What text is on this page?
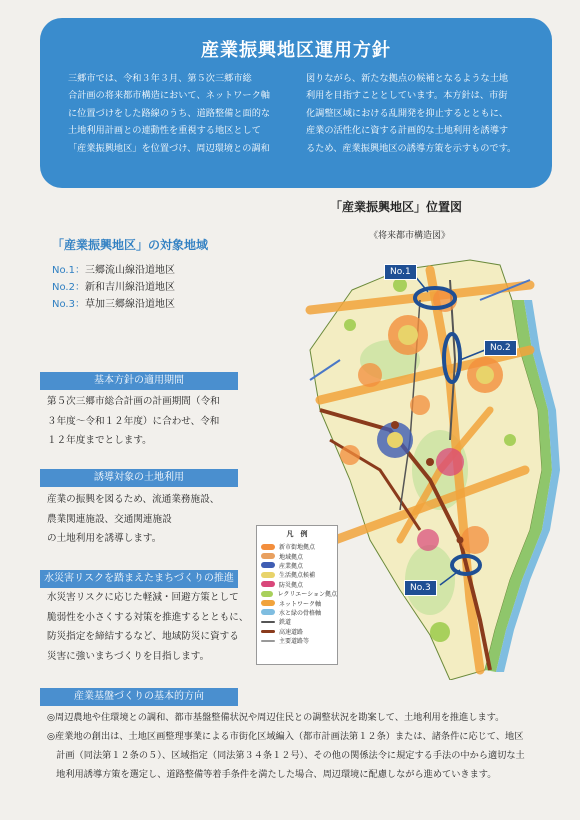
産業振興地区運用方針
三郷市では、令和３年３月、第５次三郷市総
合計画の将来都市構造において、ネットワーク軸
に位置づけをした路線のうち、道路整備と面的な
土地利用計画との連動性を重視する地区として
「産業振興地区」を位置づけ、周辺環境との調和
図りながら、新たな拠点の候補となるような土地
利用を目指すこととしています。本方針は、市街
化調整区域における乱開発を抑止するとともに、
産業の活性化に資する計画的な土地利用を誘導す
るため、産業振興地区の誘導方策を示すものです。
「産業振興地区」位置図
《将来都市構造図》
「産業振興地区」の対象地域
No.1：三郷流山線沿道地区
No.2：新和吉川線沿道地区
No.3：草加三郷線沿道地区
No.1
No.2
No.3
凡　例
新市街地拠点
地域拠点
産業拠点
生活拠点候補
防災拠点
レクリエーション拠点
ネットワーク軸
水と緑の骨格軸
鉄道
高速道路
主要道路等
基本方針の適用期間
第５次三郷市総合計画の計画期間（令和
３年度～令和１２年度）に合わせ、令和
１２年度までとします。
誘導対象の土地利用
産業の振興を図るため、流通業務施設、
農業関連施設、交通関連施設
の土地利用を誘導します。
水災害リスクを踏まえたまちづくりの推進
水災害リスクに応じた軽減・回避方策として
脆弱性を小さくする対策を推進するとともに、
防災指定を締結するなど、地域防災に資する
災害に強いまちづくりを目指します。
産業基盤づくりの基本的方向
◎周辺農地や住環境との調和、都市基盤整備状況や周辺住民との調整状況を勘案して、土地利用を推進します。
◎産業地の創出は、土地区画整理事業による市街化区域編入（都市計画法第１２条）または、諸条件に応じて、地区
　計画（同法第１２条の５）、区域指定（同法第３４条１２号）、その他の関係法令に規定する手法の中から適切な土
　地利用誘導方策を選定し、道路整備等着手条件を満たした場合、周辺環境に配慮しながら進めていきます。
